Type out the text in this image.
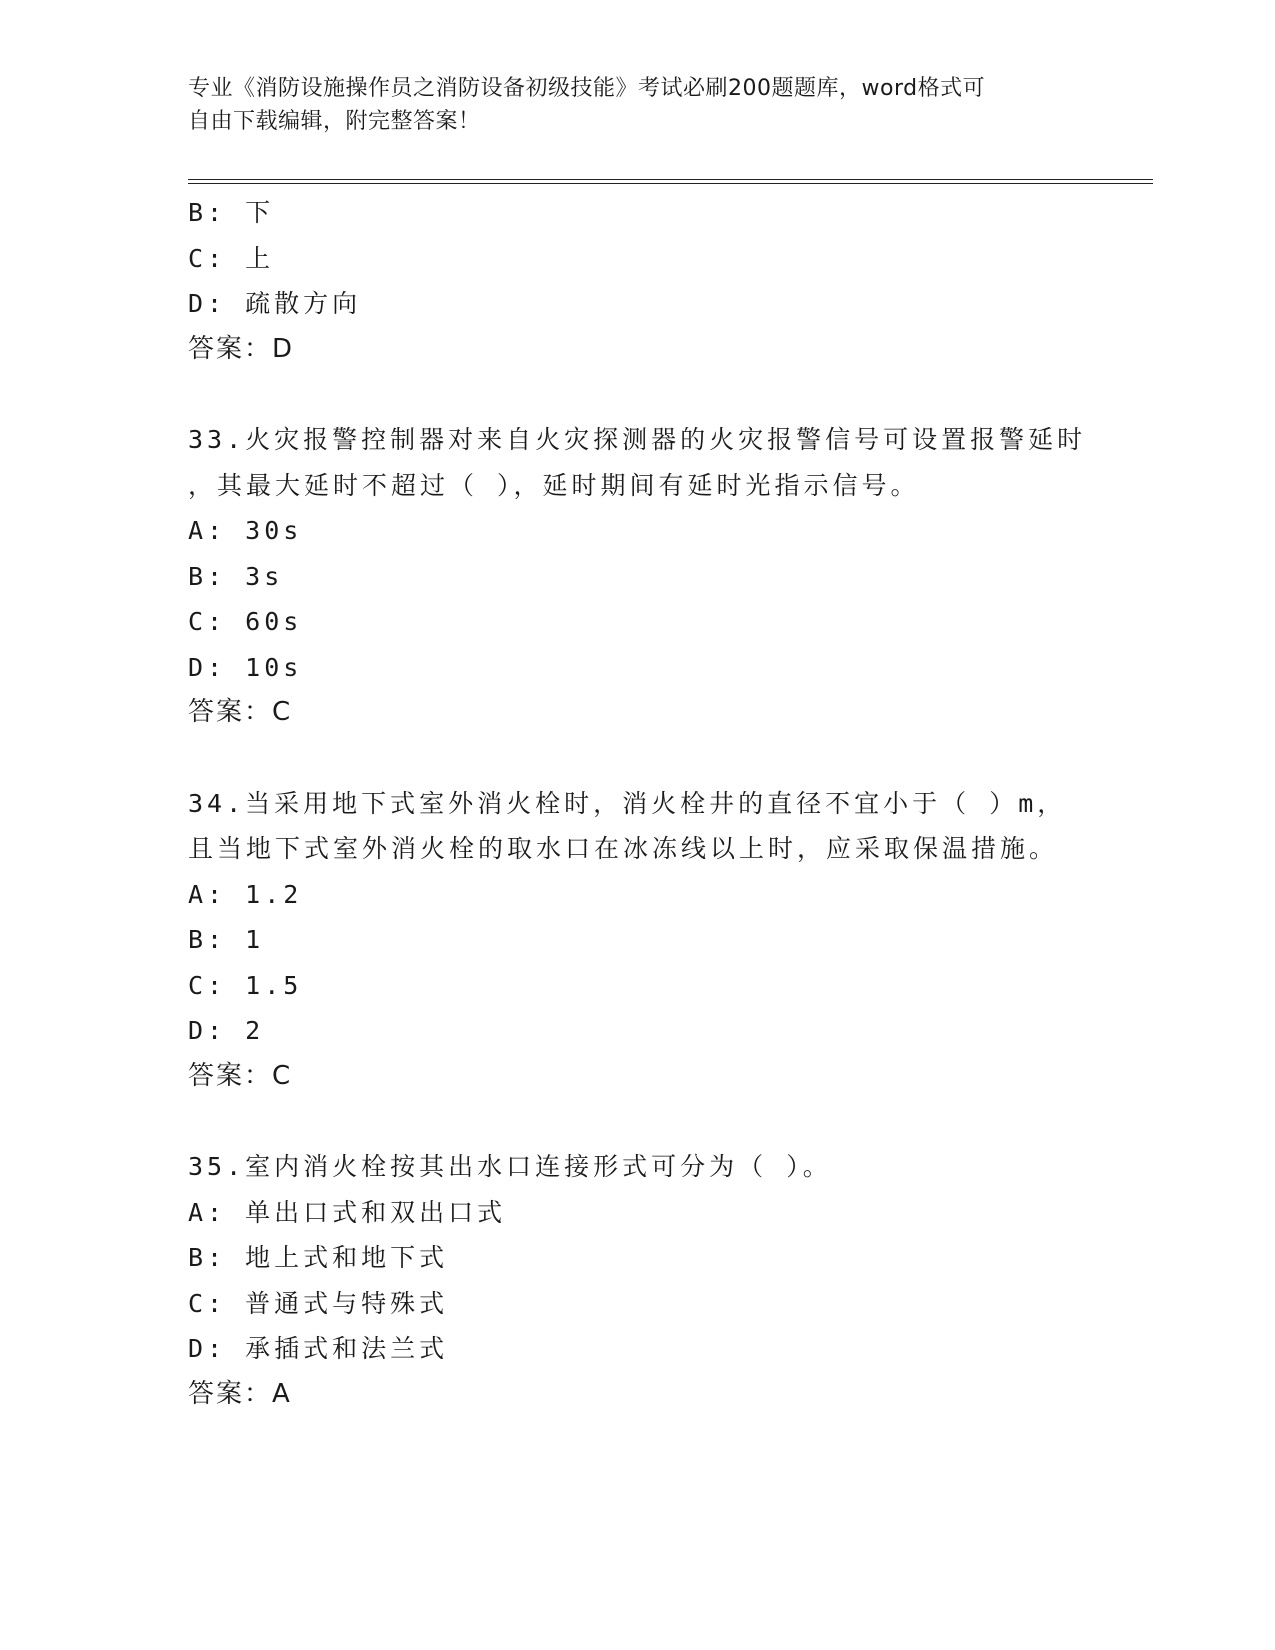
专业《消防设施操作员之消防设备初级技能》考试必刷200题题库，word格式可
自由下载编辑，附完整答案！
B: 下
C: 上
D: 疏散方向
答案：D
33.火灾报警控制器对来自火灾探测器的火灾报警信号可设置报警延时
，其最大延时不超过（ ），延时期间有延时光指示信号。
A: 30s
B: 3s
C: 60s
D: 10s
答案：C
34.当采用地下式室外消火栓时，消火栓井的直径不宜小于（ ）m，
且当地下式室外消火栓的取水口在冰冻线以上时，应采取保温措施。
A: 1.2
B: 1
C: 1.5
D: 2
答案：C
35.室内消火栓按其出水口连接形式可分为（ ）。
A: 单出口式和双出口式
B: 地上式和地下式
C: 普通式与特殊式
D: 承插式和法兰式
答案：A
